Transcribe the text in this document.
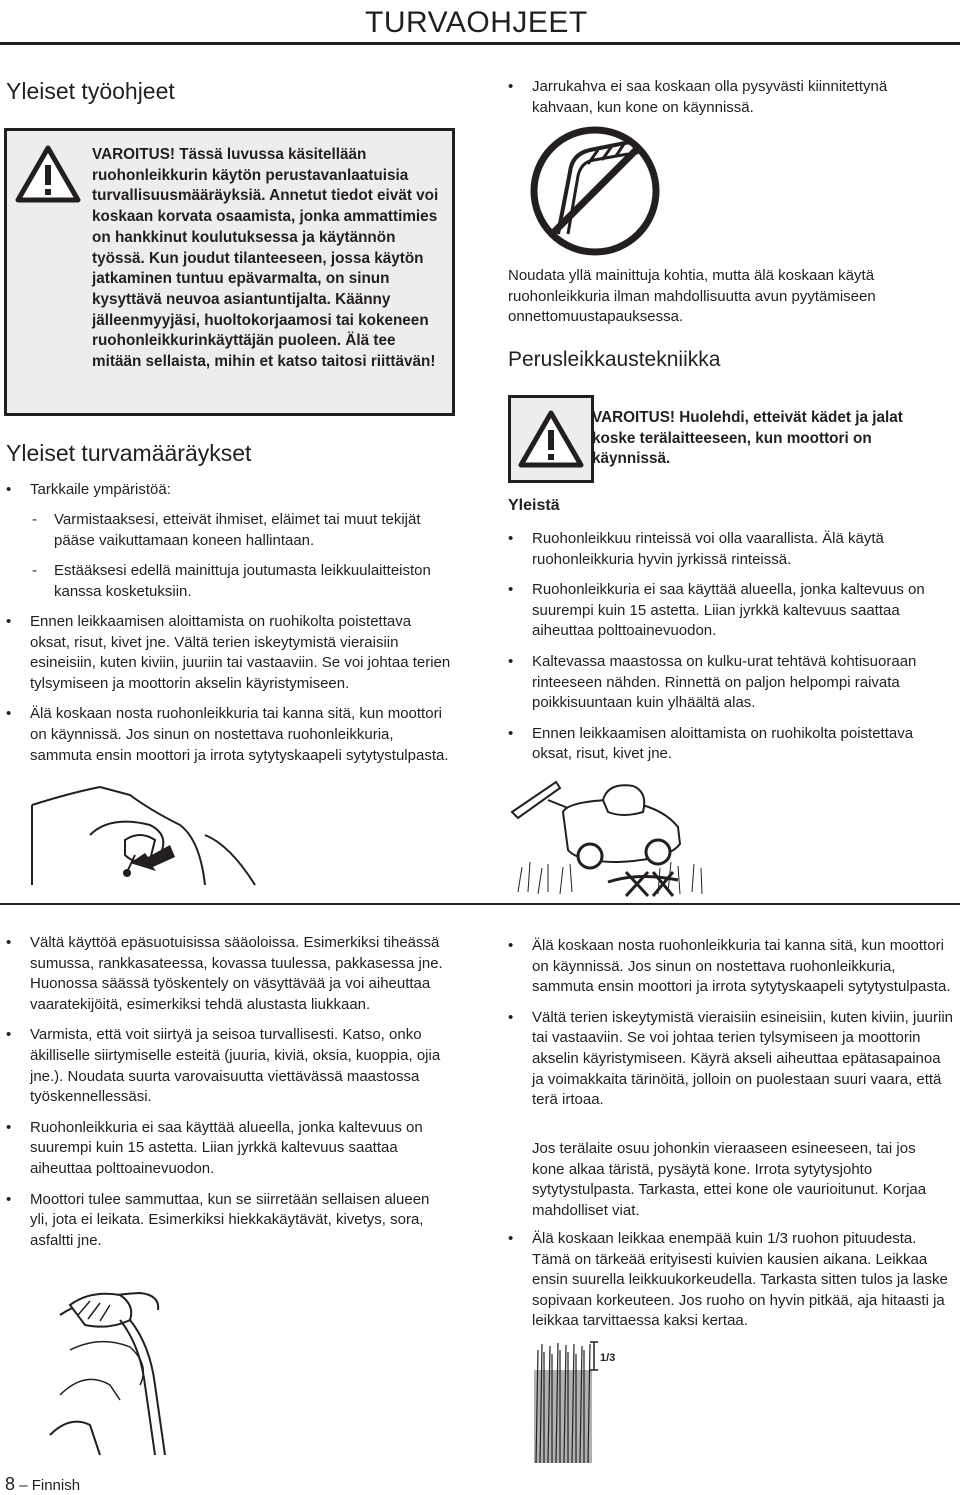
TURVAOHJEET
Yleiset työohjeet
VAROITUS! Tässä luvussa käsitellään ruohonleikkurin käytön perustavanlaatuisia turvallisuusmääräyksiä. Annetut tiedot eivät voi koskaan korvata osaamista, jonka ammattimies on hankkinut koulutuksessa ja käytännön työssä. Kun joudut tilanteeseen, jossa käytön jatkaminen tuntuu epävarmalta, on sinun kysyttävä neuvoa asiantuntijalta. Käänny jälleenmyyjäsi, huoltokorjaamosi tai kokeneen ruohonleikkurinkäyttäjän puoleen. Älä tee mitään sellaista, mihin et katso taitosi riittävän!
Yleiset turvamääräykset
• Tarkkaile ympäristöä:
- Varmistaaksesi, etteivät ihmiset, eläimet tai muut tekijät pääse vaikuttamaan koneen hallintaan.
- Estääksesi edellä mainittuja joutumasta leikkuulaitteiston kanssa kosketuksiin.
• Ennen leikkaamisen aloittamista on ruohikolta poistettava oksat, risut, kivet jne. Vältä terien iskeytymistä vieraisiin esineisiin, kuten kiviin, juuriin tai vastaaviin. Se voi johtaa terien tylsymiseen ja moottorin akselin käyristymiseen.
• Älä koskaan nosta ruohonleikkuria tai kanna sitä, kun moottori on käynnissä. Jos sinun on nostettava ruohonleikkuria, sammuta ensin moottori ja irrota sytytyskaapeli sytytystulpasta.
• Jarrukahva ei saa koskaan olla pysyvästi kiinnitettynä kahvaan, kun kone on käynnissä.
Noudata yllä mainittuja kohtia, mutta älä koskaan käytä ruohonleikkuria ilman mahdollisuutta avun pyytämiseen onnettomuustapauksessa.
Perusleikkaustekniikka
VAROITUS! Huolehdi, etteivät kädet ja jalat koske terälaitteeseen, kun moottori on käynnissä.
Yleistä
• Ruohonleikkuu rinteissä voi olla vaarallista. Älä käytä ruohonleikkuria hyvin jyrkissä rinteissä.
• Ruohonleikkuria ei saa käyttää alueella, jonka kaltevuus on suurempi kuin 15 astetta. Liian jyrkkä kaltevuus saattaa aiheuttaa polttoainevuodon.
• Kaltevassa maastossa on kulku-urat tehtävä kohtisuoraan rinteeseen nähden. Rinnettä on paljon helpompi raivata poikkisuuntaan kuin ylhäältä alas.
• Ennen leikkaamisen aloittamista on ruohikolta poistettava oksat, risut, kivet jne.
• Vältä käyttöä epäsuotuisissa sääoloissa. Esimerkiksi tiheässä sumussa, rankkasateessa, kovassa tuulessa, pakkasessa jne. Huonossa säässä työskentely on väsyttävää ja voi aiheuttaa vaaratekijöitä, esimerkiksi tehdä alustasta liukkaan.
• Varmista, että voit siirtyä ja seisoa turvallisesti. Katso, onko äkilliselle siirtymiselle esteitä (juuria, kiviä, oksia, kuoppia, ojia jne.). Noudata suurta varovaisuutta viettävässä maastossa työskennellessäsi.
• Ruohonleikkuria ei saa käyttää alueella, jonka kaltevuus on suurempi kuin 15 astetta. Liian jyrkkä kaltevuus saattaa aiheuttaa polttoainevuodon.
• Moottori tulee sammuttaa, kun se siirretään sellaisen alueen yli, jota ei leikata. Esimerkiksi hiekkakäytävät, kivetys, sora, asfaltti jne.
• Älä koskaan nosta ruohonleikkuria tai kanna sitä, kun moottori on käynnissä. Jos sinun on nostettava ruohonleikkuria, sammuta ensin moottori ja irrota sytytyskaapeli sytytystulpasta.
• Vältä terien iskeytymistä vieraisiin esineisiin, kuten kiviin, juuriin tai vastaaviin. Se voi johtaa terien tylsymiseen ja moottorin akselin käyristymiseen. Käyrä akseli aiheuttaa epätasapainoa ja voimakkaita tärinöitä, jolloin on puolestaan suuri vaara, että terä irtoaa.
Jos terälaite osuu johonkin vieraaseen esineeseen, tai jos kone alkaa täristä, pysäytä kone. Irrota sytytysjohto sytytystulpasta. Tarkasta, ettei kone ole vaurioitunut. Korjaa mahdolliset viat.
• Älä koskaan leikkaa enempää kuin 1/3 ruohon pituudesta. Tämä on tärkeää erityisesti kuivien kausien aikana. Leikkaa ensin suurella leikkuukorkeudella. Tarkasta sitten tulos ja laske sopivaan korkeuteen. Jos ruoho on hyvin pitkää, aja hitaasti ja leikkaa tarvittaessa kaksi kertaa.
1/3
8 – Finnish
